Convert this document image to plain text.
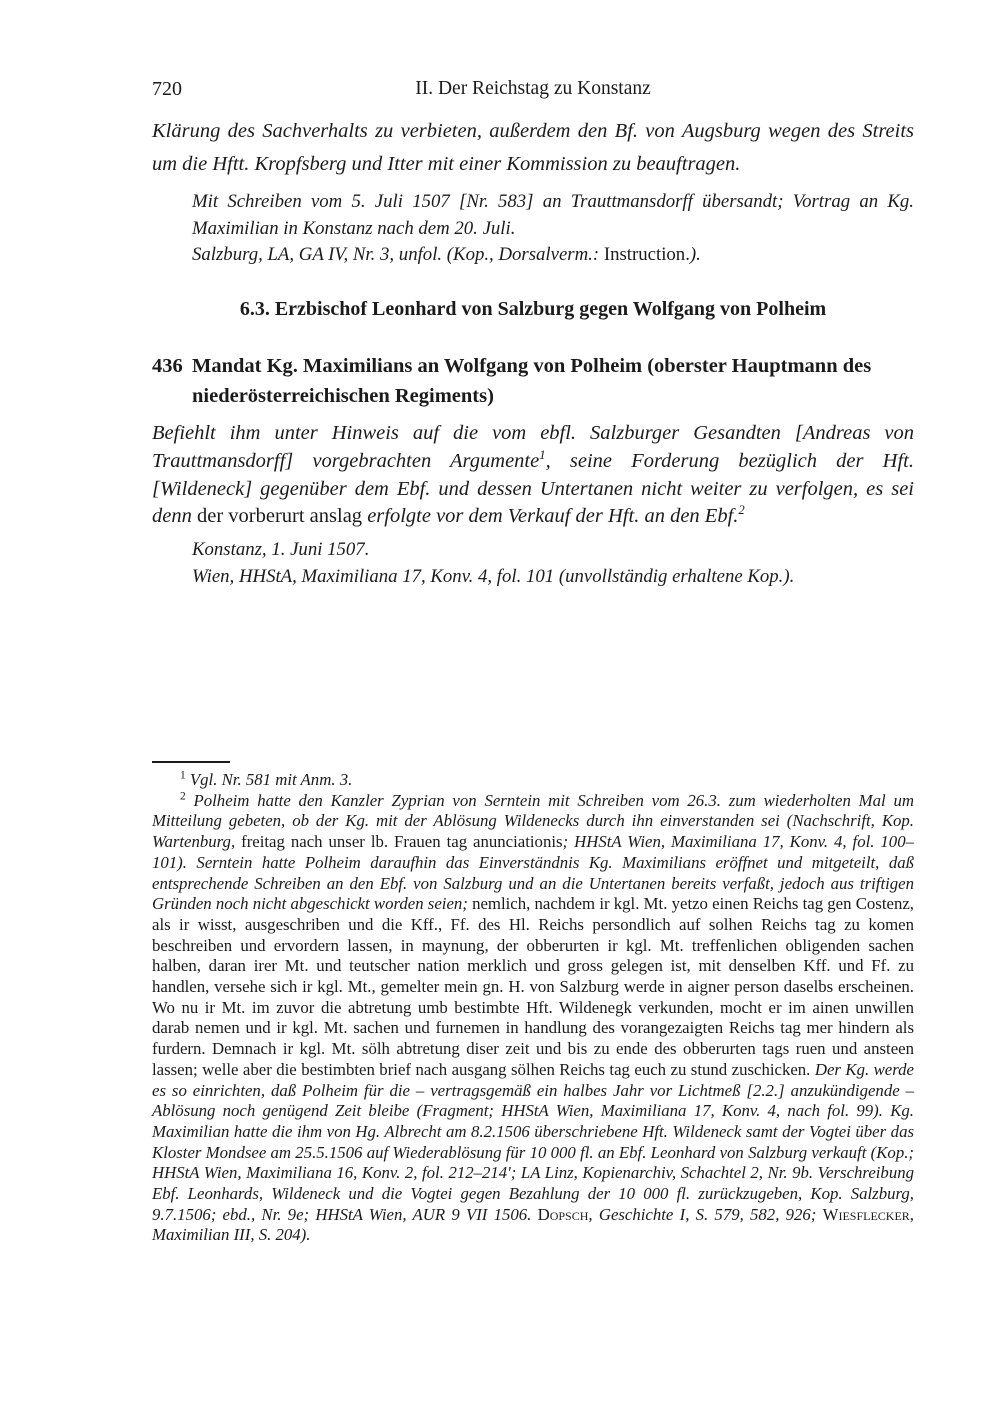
720	II. Der Reichstag zu Konstanz

Klärung des Sachverhalts zu verbieten, außerdem den Bf. von Augsburg wegen des Streits um die Hftt. Kropfsberg und Itter mit einer Kommission zu beauftragen.

Mit Schreiben vom 5. Juli 1507 [Nr. 583] an Trauttmansdorff übersandt; Vortrag an Kg. Maximilian in Konstanz nach dem 20. Juli.

Salzburg, LA, GA IV, Nr. 3, unfol. (Kop., Dorsalverm.: Instruction.).

6.3. Erzbischof Leonhard von Salzburg gegen Wolfgang von Polheim
436 Mandat Kg. Maximilians an Wolfgang von Polheim (oberster Hauptmann des niederösterreichischen Regiments)

Befiehlt ihm unter Hinweis auf die vom ebfl. Salzburger Gesandten [Andreas von Trauttmansdorff] vorgebrachten Argumente$^1$, seine Forderung bezüglich der Hft. [Wildeneck] gegenüber dem Ebf. und dessen Untertanen nicht weiter zu verfolgen, es sei denn der vorberurt anslag erfolgte vor dem Verkauf der Hft. an den Ebf.$^2$

Konstanz, 1. Juni 1507.

Wien, HHStA, Maximiliana 17, Konv. 4, fol. 101 (unvollständig erhaltene Kop.).

$^1$ Vgl. Nr. 581 mit Anm. 3.

$^2$ Polheim hatte den Kanzler Zyprian von Serntein mit Schreiben vom 26.3. zum wiederholten Mal um Mitteilung gebeten, ob der Kg. mit der Ablösung Wildenecks durch ihn einverstanden sei (Nachschrift, Kop. Wartenburg, freitag nach unser lb. Frauen tag anunciationis; HHStA Wien, Maximiliana 17, Konv. 4, fol. 100–101). Serntein hatte Polheim daraufhin das Einverständnis Kg. Maximilians eröffnet und mitgeteilt, daß entsprechende Schreiben an den Ebf. von Salzburg und an die Untertanen bereits verfaßt, jedoch aus triftigen Gründen noch nicht abgeschickt worden seien; nemlich, nachdem ir kgl. Mt. yetzo einen Reichs tag gen Costenz, als ir wisst, ausgeschriben und die Kff., Ff. des Hl. Reichs persondlich auf solhen Reichs tag zu komen beschreiben und ervordern lassen, in maynung, der obberurten ir kgl. Mt. treffenlichen obligenden sachen halben, daran irer Mt. und teutscher nation merklich und gross gelegen ist, mit denselben Kff. und Ff. zu handlen, versehe sich ir kgl. Mt., gemelter mein gn. H. von Salzburg werde in aigner person daselbs erscheinen. Wo nu ir Mt. im zuvor die abtretung umb bestimbte Hft. Wildenegk verkunden, mocht er im ainen unwillen darab nemen und ir kgl. Mt. sachen und furnemen in handlung des vorangezaigten Reichs tag mer hindern als furdern. Demnach ir kgl. Mt. sölh abtretung diser zeit und bis zu ende des obberurten tags ruen und ansteen lassen; welle aber die bestimbten brief nach ausgang sölhen Reichs tag euch zu stund zuschicken. Der Kg. werde es so einrichten, daß Polheim für die – vertragsgemäß ein halbes Jahr vor Lichtmeß [2.2.] anzukündigende – Ablösung noch genügend Zeit bleibe (Fragment; HHStA Wien, Maximiliana 17, Konv. 4, nach fol. 99). Kg. Maximilian hatte die ihm von Hg. Albrecht am 8.2.1506 überschriebene Hft. Wildeneck samt der Vogtei über das Kloster Mondsee am 25.5.1506 auf Wiederablösung für 10 000 fl. an Ebf. Leonhard von Salzburg verkauft (Kop.; HHStA Wien, Maximiliana 16, Konv. 2, fol. 212–214'; LA Linz, Kopienarchiv, Schachtel 2, Nr. 9b. Verschreibung Ebf. Leonhards, Wildeneck und die Vogtei gegen Bezahlung der 10 000 fl. zurückzugeben, Kop. Salzburg, 9.7.1506; ebd., Nr. 9e; HHStA Wien, AUR 9 VII 1506. Dopsch, Geschichte I, S. 579, 582, 926; Wiesflecker, Maximilian III, S. 204).
